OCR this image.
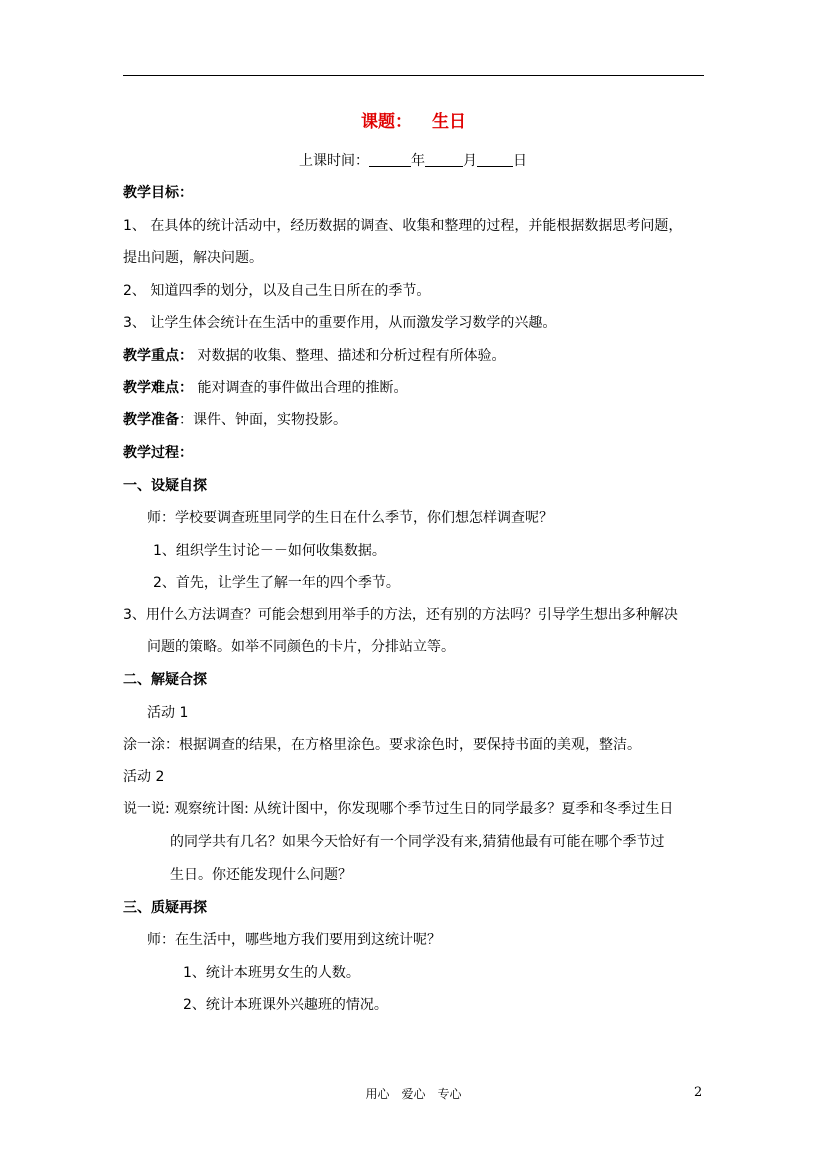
课题： 生日
上课时间：	年	月	日
教学目标：
1、 在具体的统计活动中，经历数据的调查、收集和整理的过程，并能根据数据思考问题，
提出问题，解决问题。
2、 知道四季的划分，以及自己生日所在的季节。
3、 让学生体会统计在生活中的重要作用，从而激发学习数学的兴趣。
教学重点： 对数据的收集、整理、描述和分析过程有所体验。
教学难点： 能对调查的事件做出合理的推断。
教学准备：课件、钟面，实物投影。
教学过程：
一、设疑自探
师：学校要调查班里同学的生日在什么季节，你们想怎样调查呢？
1、组织学生讨论－－如何收集数据。
2、首先，让学生了解一年的四个季节。
3、用什么方法调查？可能会想到用举手的方法，还有别的方法吗？引导学生想出多种解决
问题的策略。如举不同颜色的卡片，分排站立等。
二、解疑合探
活动 1
涂一涂：根据调查的结果，在方格里涂色。要求涂色时，要保持书面的美观，整洁。
活动 2
说一说: 观察统计图: 从统计图中，你发现哪个季节过生日的同学最多？夏季和冬季过生日
的同学共有几名？如果今天恰好有一个同学没有来,猜猜他最有可能在哪个季节过
生日。你还能发现什么问题？
三、质疑再探
师：在生活中，哪些地方我们要用到这统计呢？
1、统计本班男女生的人数。
2、统计本班课外兴趣班的情况。
用心 爱心 专心	2
